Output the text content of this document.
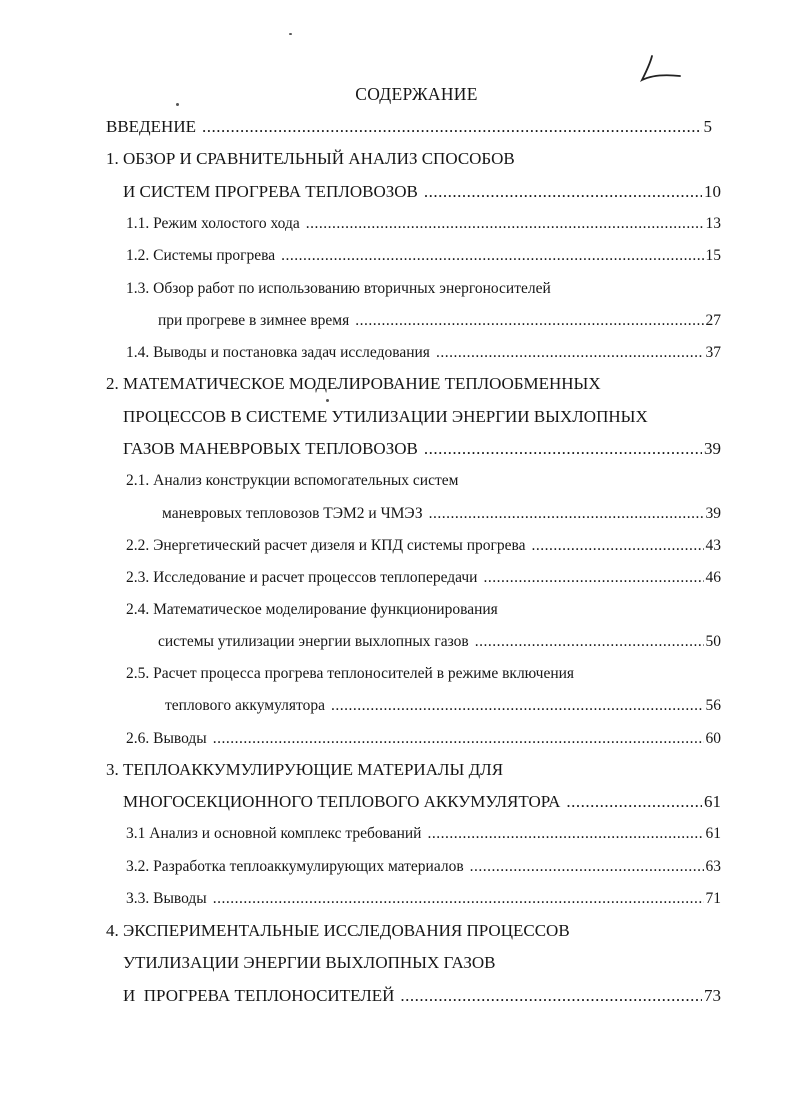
СОДЕРЖАНИЕ
ВВЕДЕНИЕ .....	5
1. ОБЗОР И СРАВНИТЕЛЬНЫЙ АНАЛИЗ СПОСОБОВ
И СИСТЕМ ПРОГРЕВА ТЕПЛОВОЗОВ .....	10
1.1. Режим холостого хода .....	13
1.2. Системы прогрева .....	15
1.3. Обзор работ по использованию вторичных энергоносителей
при прогреве в зимнее время .....	27
1.4. Выводы и постановка задач исследования .....	37
2. МАТЕМАТИЧЕСКОЕ МОДЕЛИРОВАНИЕ ТЕПЛООБМЕННЫХ
ПРОЦЕССОВ В СИСТЕМЕ УТИЛИЗАЦИИ ЭНЕРГИИ ВЫХЛОПНЫХ
ГАЗОВ МАНЕВРОВЫХ ТЕПЛОВОЗОВ .....	39
2.1. Анализ конструкции вспомогательных систем
маневровых тепловозов ТЭМ2 и ЧМЭЗ .....	39
2.2. Энергетический расчет дизеля и КПД системы прогрева .....	43
2.3. Исследование и расчет процессов теплопередачи .....	46
2.4. Математическое моделирование функционирования
системы утилизации энергии выхлопных газов .....	50
2.5. Расчет процесса прогрева теплоносителей в режиме включения
теплового аккумулятора .....	56
2.6. Выводы .....	60
3. ТЕПЛОАККУМУЛИРУЮЩИЕ МАТЕРИАЛЫ ДЛЯ
МНОГОСЕКЦИОННОГО ТЕПЛОВОГО АККУМУЛЯТОРА .....	61
3.1 Анализ и основной комплекс требований .....	61
3.2. Разработка теплоаккумулирующих материалов .....	63
3.3. Выводы .....	71
4. ЭКСПЕРИМЕНТАЛЬНЫЕ ИССЛЕДОВАНИЯ ПРОЦЕССОВ
УТИЛИЗАЦИИ ЭНЕРГИИ ВЫХЛОПНЫХ ГАЗОВ
И  ПРОГРЕВА ТЕПЛОНОСИТЕЛЕЙ .....	73
